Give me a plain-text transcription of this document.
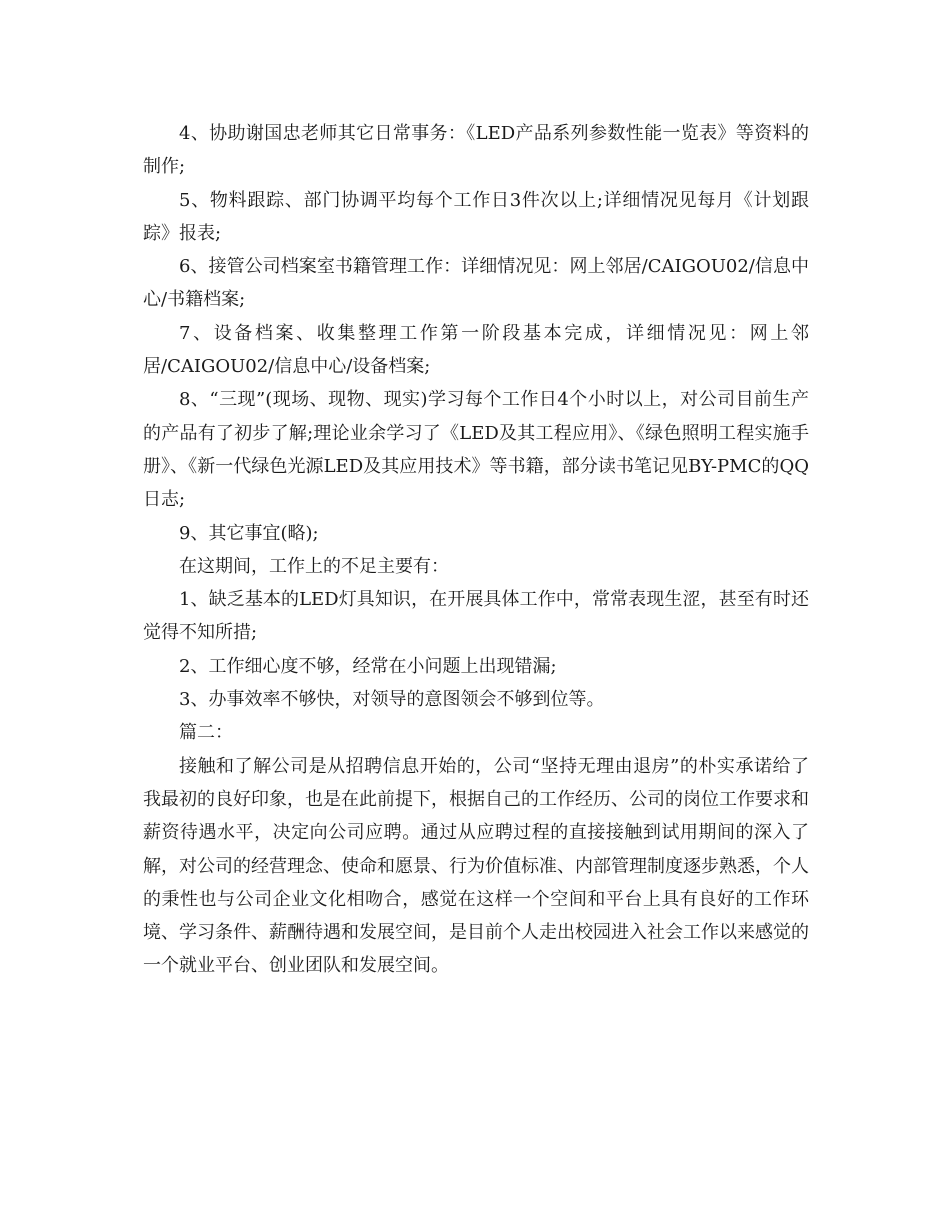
4、协助谢国忠老师其它日常事务：《LED产品系列参数性能一览表》等资料的制作;

5、物料跟踪、部门协调平均每个工作日3件次以上;详细情况见每月《计划跟踪》报表;

6、接管公司档案室书籍管理工作：详细情况见：网上邻居/CAIGOU02/信息中心/书籍档案;

7、设备档案、收集整理工作第一阶段基本完成，详细情况见：网上邻居/CAIGOU02/信息中心/设备档案;

8、“三现”(现场、现物、现实)学习每个工作日4个小时以上，对公司目前生产的产品有了初步了解;理论业余学习了《LED及其工程应用》、《绿色照明工程实施手册》、《新一代绿色光源LED及其应用技术》等书籍，部分读书笔记见BY-PMC的QQ日志;

9、其它事宜(略);

在这期间，工作上的不足主要有：

1、缺乏基本的LED灯具知识，在开展具体工作中，常常表现生涩，甚至有时还觉得不知所措;

2、工作细心度不够，经常在小问题上出现错漏;

3、办事效率不够快，对领导的意图领会不够到位等。

篇二：

接触和了解公司是从招聘信息开始的，公司“坚持无理由退房”的朴实承诺给了我最初的良好印象，也是在此前提下，根据自己的工作经历、公司的岗位工作要求和薪资待遇水平，决定向公司应聘。通过从应聘过程的直接接触到试用期间的深入了解，对公司的经营理念、使命和愿景、行为价值标准、内部管理制度逐步熟悉，个人的秉性也与公司企业文化相吻合，感觉在这样一个空间和平台上具有良好的工作环境、学习条件、薪酬待遇和发展空间，是目前个人走出校园进入社会工作以来感觉的一个就业平台、创业团队和发展空间。
